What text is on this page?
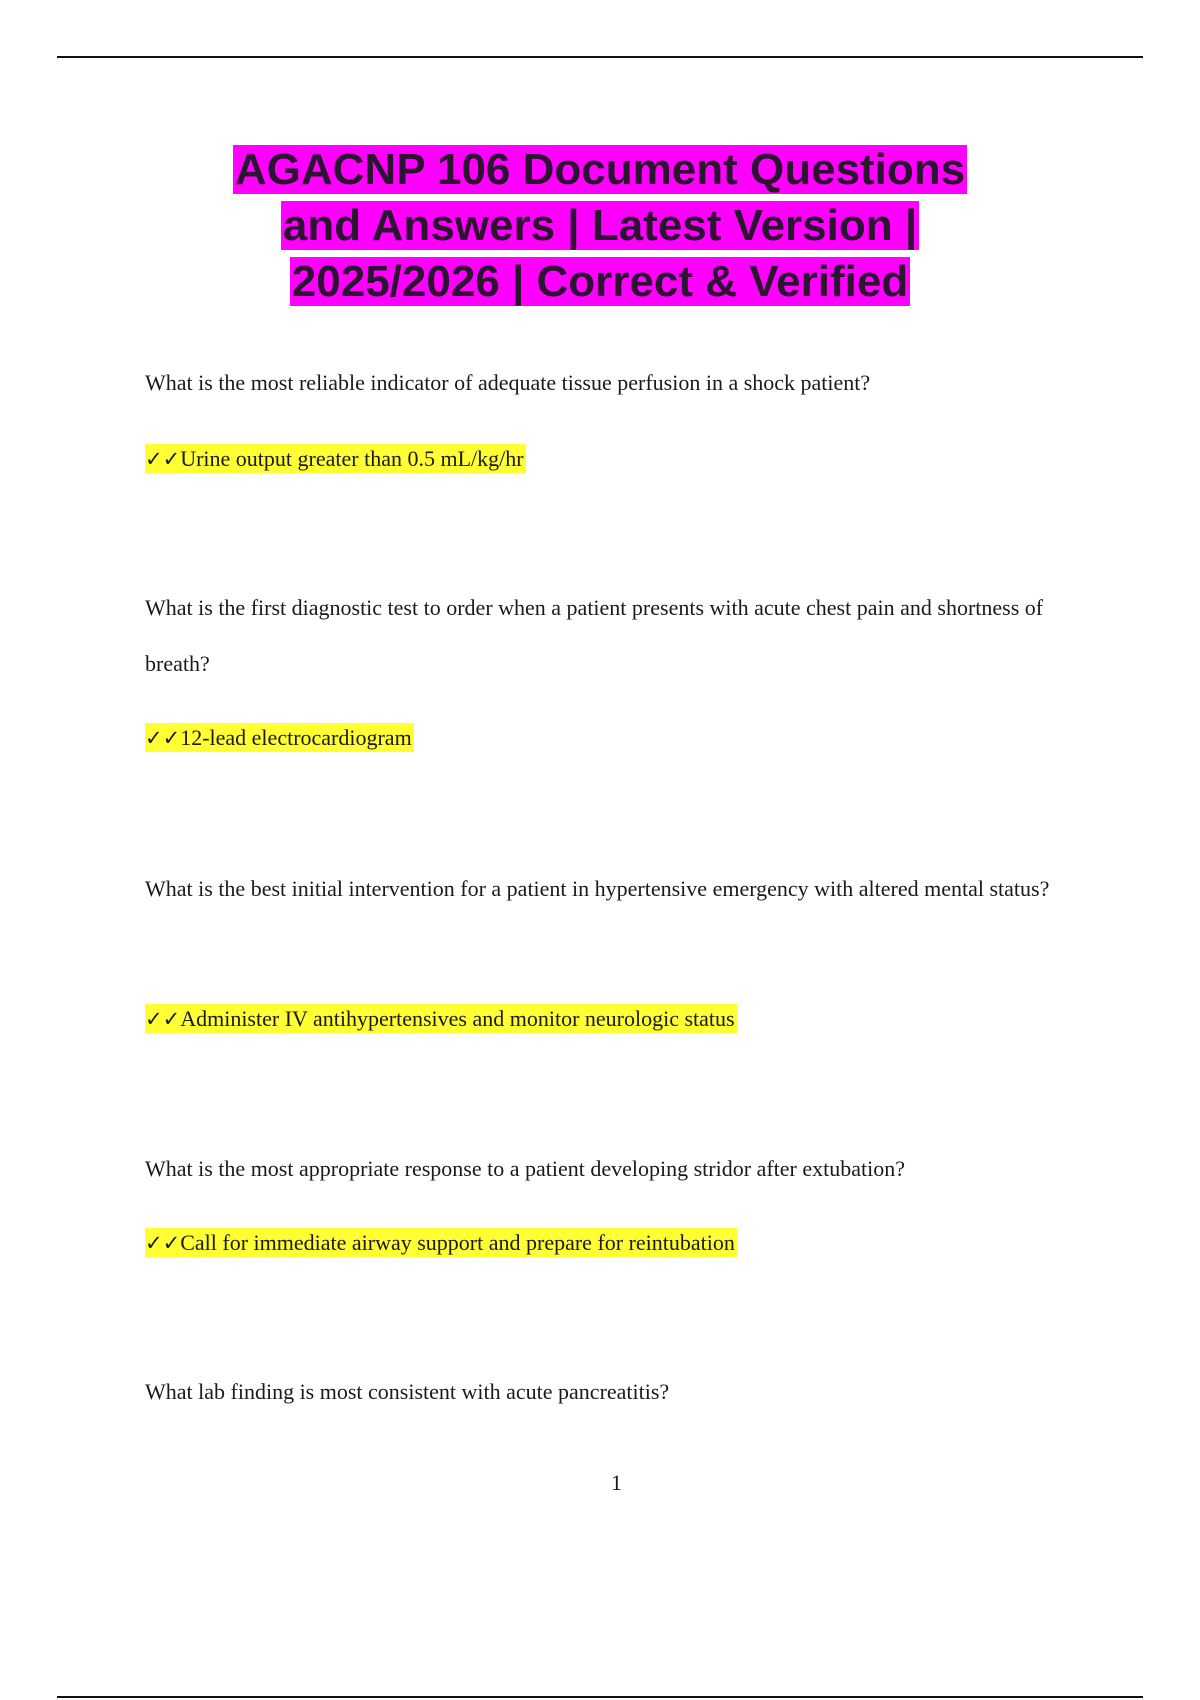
AGACNP 106 Document Questions
and Answers | Latest Version |
2025/2026 | Correct & Verified

What is the most reliable indicator of adequate tissue perfusion in a shock patient?

✓✓Urine output greater than 0.5 mL/kg/hr

What is the first diagnostic test to order when a patient presents with acute chest pain and shortness of breath?

✓✓12-lead electrocardiogram

What is the best initial intervention for a patient in hypertensive emergency with altered mental status?

✓✓Administer IV antihypertensives and monitor neurologic status

What is the most appropriate response to a patient developing stridor after extubation?

✓✓Call for immediate airway support and prepare for reintubation

What lab finding is most consistent with acute pancreatitis?

1
